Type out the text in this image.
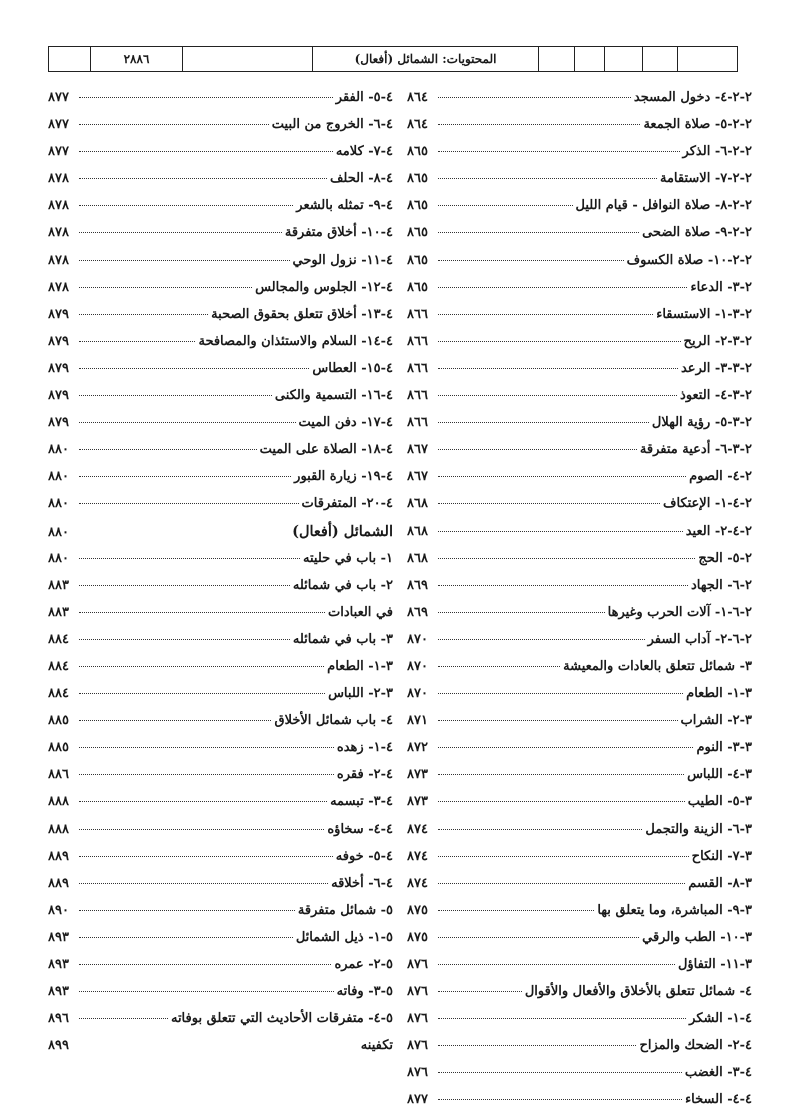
٢٨٨٦	المحتويات: الشمائل (أفعال)
٢-٢-٤- دخول المسجد
٨٦٤
٢-٢-٥- صلاة الجمعة
٨٦٤
٢-٢-٦- الذكر
٨٦٥
٢-٢-٧- الاستقامة
٨٦٥
٢-٢-٨- صلاة النوافل - قيام الليل
٨٦٥
٢-٢-٩- صلاة الضحى
٨٦٥
٢-٢-١٠- صلاة الكسوف
٨٦٥
٢-٣- الدعاء
٨٦٥
٢-٣-١- الاستسقاء
٨٦٦
٢-٣-٢- الريح
٨٦٦
٢-٣-٣- الرعد
٨٦٦
٢-٣-٤- التعوذ
٨٦٦
٢-٣-٥- رؤية الهلال
٨٦٦
٢-٣-٦- أدعية متفرقة
٨٦٧
٢-٤- الصوم
٨٦٧
٢-٤-١- الإعتكاف
٨٦٨
٢-٤-٢- العيد
٨٦٨
٢-٥- الحج
٨٦٨
٢-٦- الجهاد
٨٦٩
٢-٦-١- آلات الحرب وغيرها
٨٦٩
٢-٦-٢- آداب السفر
٨٧٠
٣- شمائل تتعلق بالعادات والمعيشة
٨٧٠
٣-١- الطعام
٨٧٠
٣-٢- الشراب
٨٧١
٣-٣- النوم
٨٧٢
٣-٤- اللباس
٨٧٣
٣-٥- الطيب
٨٧٣
٣-٦- الزينة والتجمل
٨٧٤
٣-٧- النكاح
٨٧٤
٣-٨- القسم
٨٧٤
٣-٩- المباشرة، وما يتعلق بها
٨٧٥
٣-١٠- الطب والرقي
٨٧٥
٣-١١- التفاؤل
٨٧٦
٤- شمائل تتعلق بالأخلاق والأفعال والأقوال
٨٧٦
٤-١- الشكر
٨٧٦
٤-٢- الضحك والمزاح
٨٧٦
٤-٣- الغضب
٨٧٦
٤-٤- السخاء
٨٧٧
٤-٥- الفقر
٨٧٧
٤-٦- الخروج من البيت
٨٧٧
٤-٧- كلامه
٨٧٧
٤-٨- الحلف
٨٧٨
٤-٩- تمثله بالشعر
٨٧٨
٤-١٠- أخلاق متفرقة
٨٧٨
٤-١١- نزول الوحي
٨٧٨
٤-١٢- الجلوس والمجالس
٨٧٨
٤-١٣- أخلاق تتعلق بحقوق الصحبة
٨٧٩
٤-١٤- السلام والاستئذان والمصافحة
٨٧٩
٤-١٥- العطاس
٨٧٩
٤-١٦- التسمية والكنى
٨٧٩
٤-١٧- دفن الميت
٨٧٩
٤-١٨- الصلاة على الميت
٨٨٠
٤-١٩- زيارة القبور
٨٨٠
٤-٢٠- المتفرقات
٨٨٠
الشمائل (أفعال)
٨٨٠
١- باب في حليته
٨٨٠
٢- باب في شمائله
٨٨٣
في العبادات
٨٨٣
٣- باب في شمائله
٨٨٤
٣-١- الطعام
٨٨٤
٣-٢- اللباس
٨٨٤
٤- باب شمائل الأخلاق
٨٨٥
٤-١- زهده
٨٨٥
٤-٢- فقره
٨٨٦
٤-٣- تبسمه
٨٨٨
٤-٤- سخاؤه
٨٨٨
٤-٥- خوفه
٨٨٩
٤-٦- أخلاقه
٨٨٩
٥- شمائل متفرقة
٨٩٠
٥-١- ذيل الشمائل
٨٩٣
٥-٢- عمره
٨٩٣
٥-٣- وفاته
٨٩٣
٥-٤- متفرقات الأحاديث التي تتعلق بوفاته
٨٩٦
تكفينه
٨٩٩
